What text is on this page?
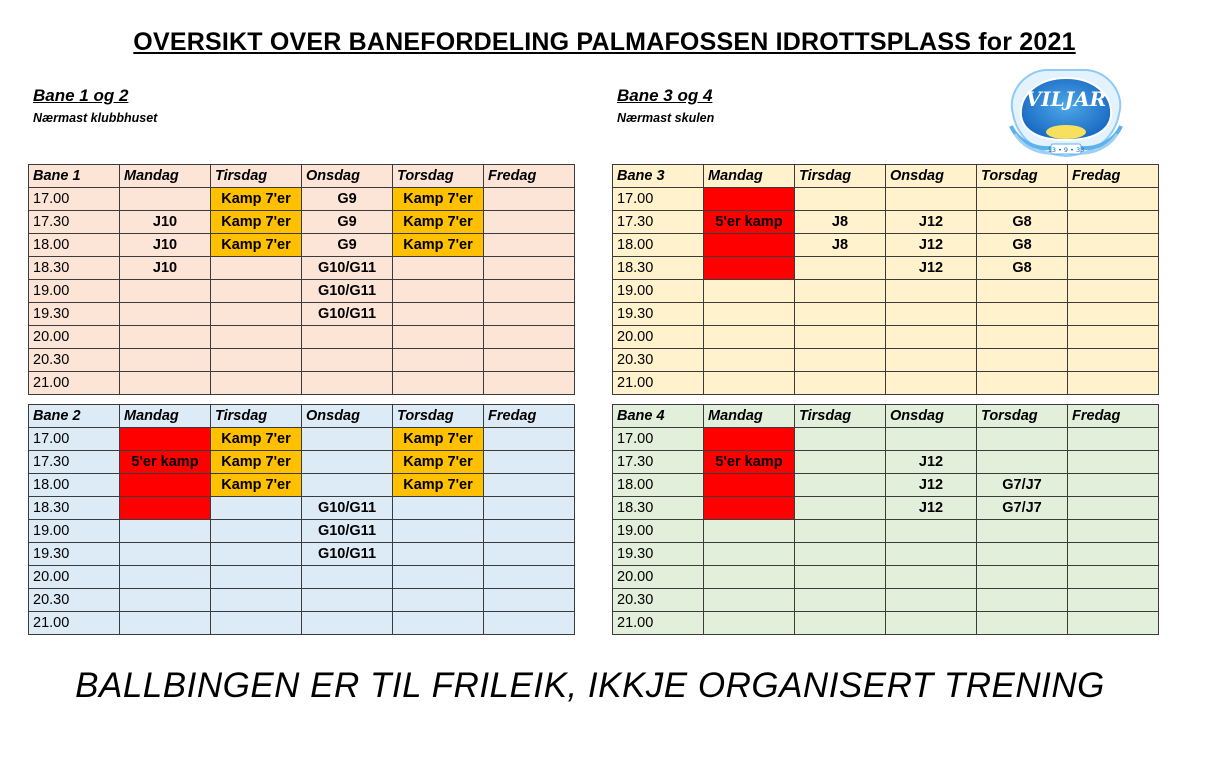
OVERSIKT OVER BANEFORDELING PALMAFOSSEN IDROTTSPLASS for 2021
Bane 1 og 2
Nærmast klubbhuset
Bane 3 og 4
Nærmast skulen
VILJAR
13 • 9 • 33
Bane 1	Mandag	Tirsdag	Onsdag	Torsdag	Fredag
17.00		Kamp 7'er	G9	Kamp 7'er	
17.30	J10	Kamp 7'er	G9	Kamp 7'er	
18.00	J10	Kamp 7'er	G9	Kamp 7'er	
18.30	J10		G10/G11		
19.00			G10/G11		
19.30			G10/G11		
20.00					
20.30					
21.00					
Bane 2	Mandag	Tirsdag	Onsdag	Torsdag	Fredag
17.00		Kamp 7'er		Kamp 7'er	
17.30	5'er kamp	Kamp 7'er		Kamp 7'er	
18.00		Kamp 7'er		Kamp 7'er	
18.30			G10/G11		
19.00			G10/G11		
19.30			G10/G11		
20.00					
20.30					
21.00					
Bane 3	Mandag	Tirsdag	Onsdag	Torsdag	Fredag
17.00					
17.30	5'er kamp	J8	J12	G8	
18.00		J8	J12	G8	
18.30			J12	G8	
19.00					
19.30					
20.00					
20.30					
21.00					
Bane 4	Mandag	Tirsdag	Onsdag	Torsdag	Fredag
17.00					
17.30	5'er kamp		J12		
18.00			J12	G7/J7	
18.30			J12	G7/J7	
19.00					
19.30					
20.00					
20.30					
21.00					
BALLBINGEN ER TIL FRILEIK, IKKJE ORGANISERT TRENING
